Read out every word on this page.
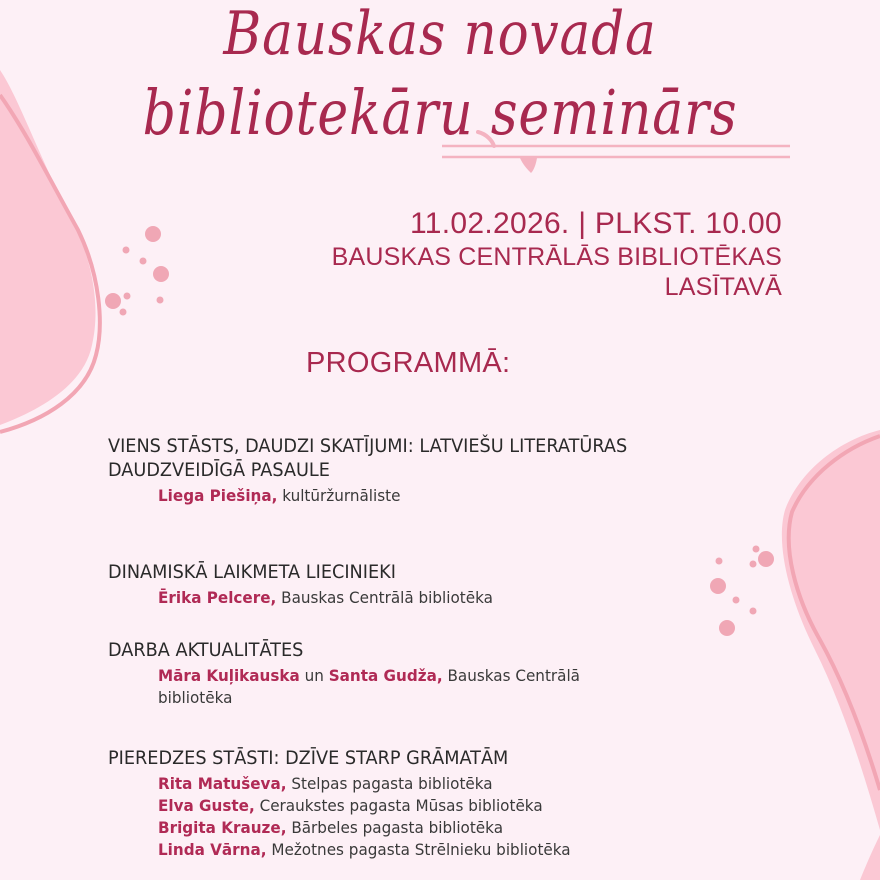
Bauskas novada
bibliotekāru seminārs
11.02.2026. | PLKST. 10.00
BAUSKAS CENTRĀLĀS BIBLIOTĒKAS
LASĪTAVĀ
PROGRAMMĀ:
VIENS STĀSTS, DAUDZI SKATĪJUMI: LATVIEŠU LITERATŪRAS
DAUDZVEIDĪGĀ PASAULE
Liega Piešiņa, kultūržurnāliste
DINAMISKĀ LAIKMETA LIECINIEKI
Ērika Pelcere, Bauskas Centrālā bibliotēka
DARBA AKTUALITĀTES
Māra Kuļikauska un Santa Gudža, Bauskas Centrālā
bibliotēka
PIEREDZES STĀSTI: DZĪVE STARP GRĀMATĀM
Rita Matuševa, Stelpas pagasta bibliotēka
Elva Guste, Ceraukstes pagasta Mūsas bibliotēka
Brigita Krauze, Bārbeles pagasta bibliotēka
Linda Vārna, Mežotnes pagasta Strēlnieku bibliotēka
